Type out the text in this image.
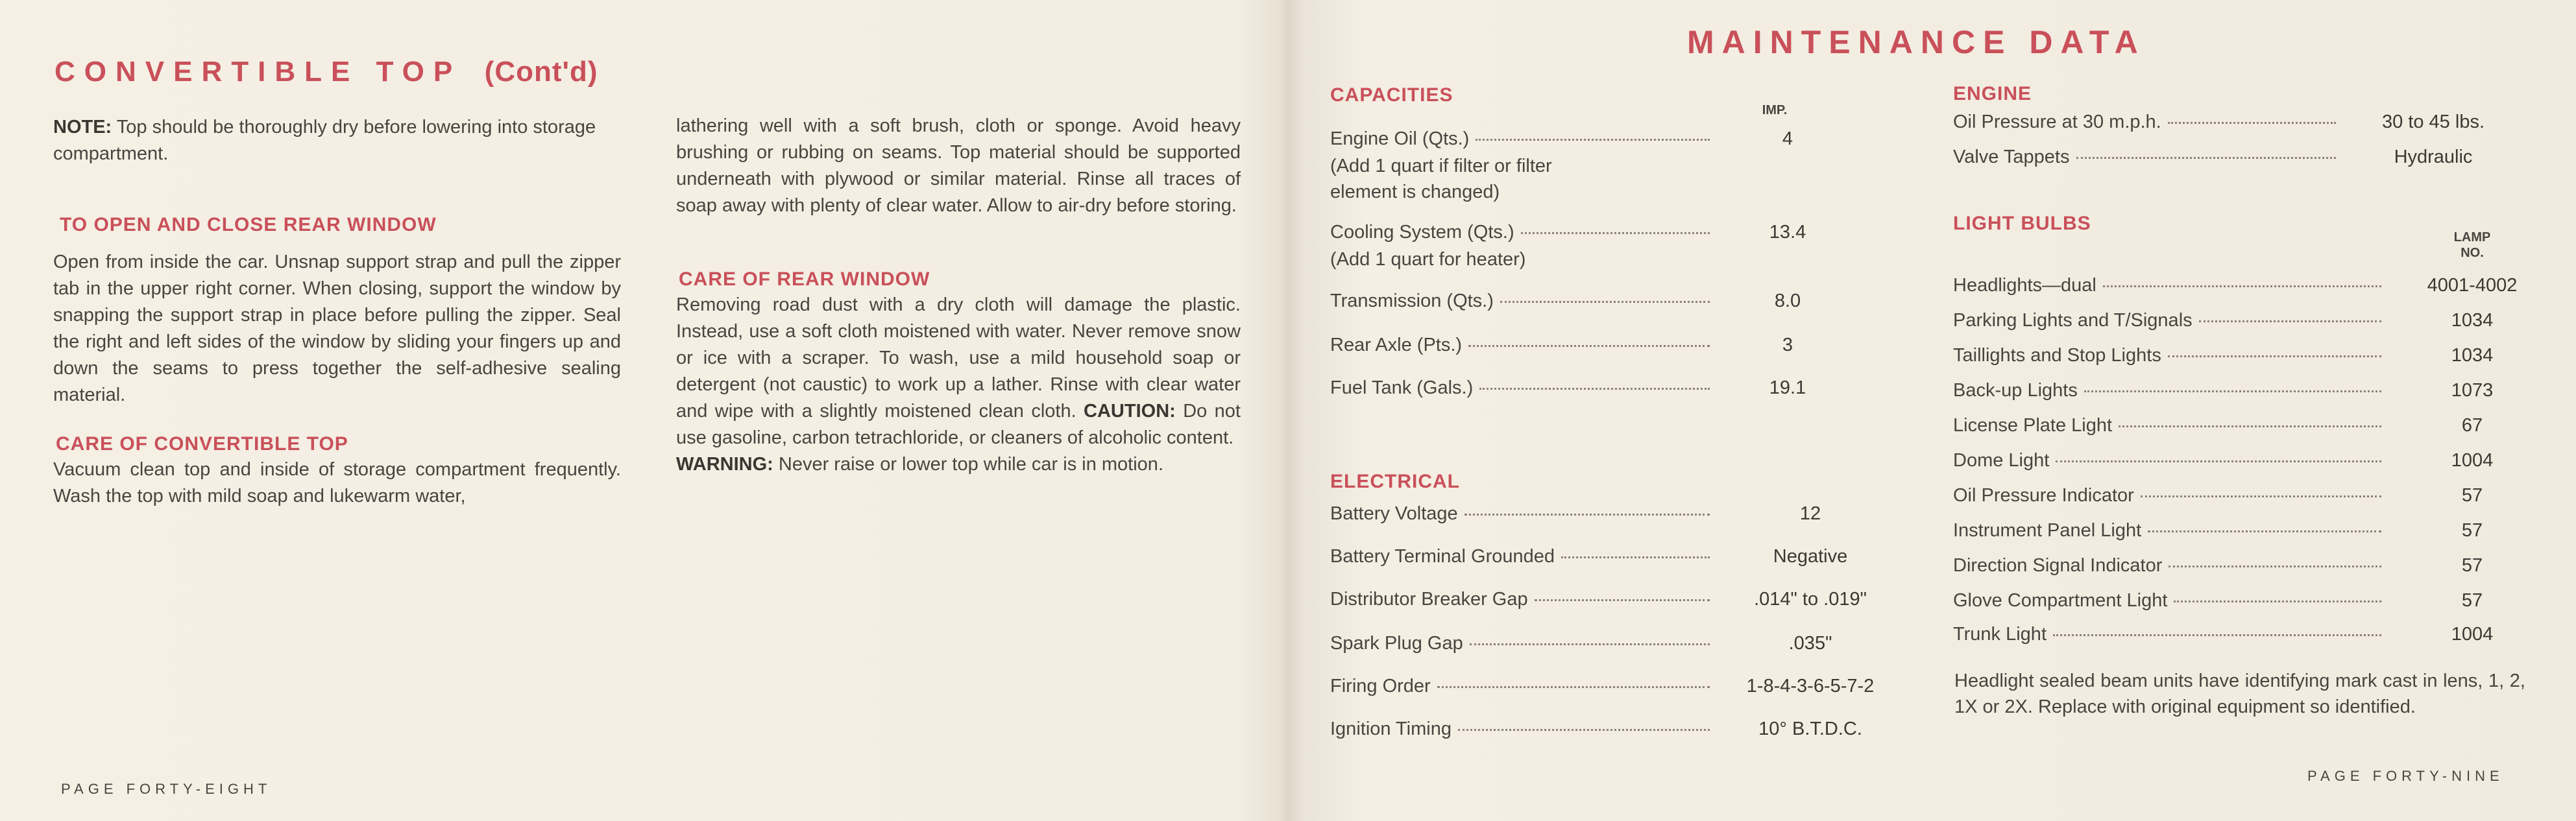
CONVERTIBLE TOP (Cont'd)
NOTE: Top should be thoroughly dry before lowering into storage compartment.
TO OPEN AND CLOSE REAR WINDOW
Open from inside the car. Unsnap support strap and pull the zipper tab in the upper right corner. When closing, support the window by snapping the support strap in place before pulling the zipper. Seal the right and left sides of the window by sliding your fingers up and down the seams to press together the self-adhesive sealing material.
CARE OF CONVERTIBLE TOP
Vacuum clean top and inside of storage compartment frequently. Wash the top with mild soap and lukewarm water,
lathering well with a soft brush, cloth or sponge. Avoid heavy brushing or rubbing on seams. Top material should be supported underneath with plywood or similar material. Rinse all traces of soap away with plenty of clear water. Allow to air-dry before storing.
CARE OF REAR WINDOW
Removing road dust with a dry cloth will damage the plastic. Instead, use a soft cloth moistened with water. Never remove snow or ice with a scraper. To wash, use a mild household soap or detergent (not caustic) to work up a lather. Rinse with clear water and wipe with a slightly moistened clean cloth. CAUTION: Do not use gasoline, carbon tetrachloride, or cleaners of alcoholic content.
WARNING: Never raise or lower top while car is in motion.
PAGE FORTY-EIGHT
MAINTENANCE DATA
CAPACITIES
IMP.
Engine Oil (Qts.)	4
(Add 1 quart if filter or filter element is changed)
Cooling System (Qts.)	13.4
(Add 1 quart for heater)
Transmission (Qts.)	8.0
Rear Axle (Pts.)	3
Fuel Tank (Gals.)	19.1
ELECTRICAL
Battery Voltage	12
Battery Terminal Grounded	Negative
Distributor Breaker Gap	.014" to .019"
Spark Plug Gap	.035"
Firing Order	1-8-4-3-6-5-7-2
Ignition Timing	10° B.T.D.C.
ENGINE
Oil Pressure at 30 m.p.h.	30 to 45 lbs.
Valve Tappets	Hydraulic
LIGHT BULBS
LAMP NO.
Headlights—dual	4001-4002
Parking Lights and T/Signals	1034
Taillights and Stop Lights	1034
Back-up Lights	1073
License Plate Light	67
Dome Light	1004
Oil Pressure Indicator	57
Instrument Panel Light	57
Direction Signal Indicator	57
Glove Compartment Light	57
Trunk Light	1004
Headlight sealed beam units have identifying mark cast in lens, 1, 2, 1X or 2X. Replace with original equipment so identified.
PAGE FORTY-NINE
